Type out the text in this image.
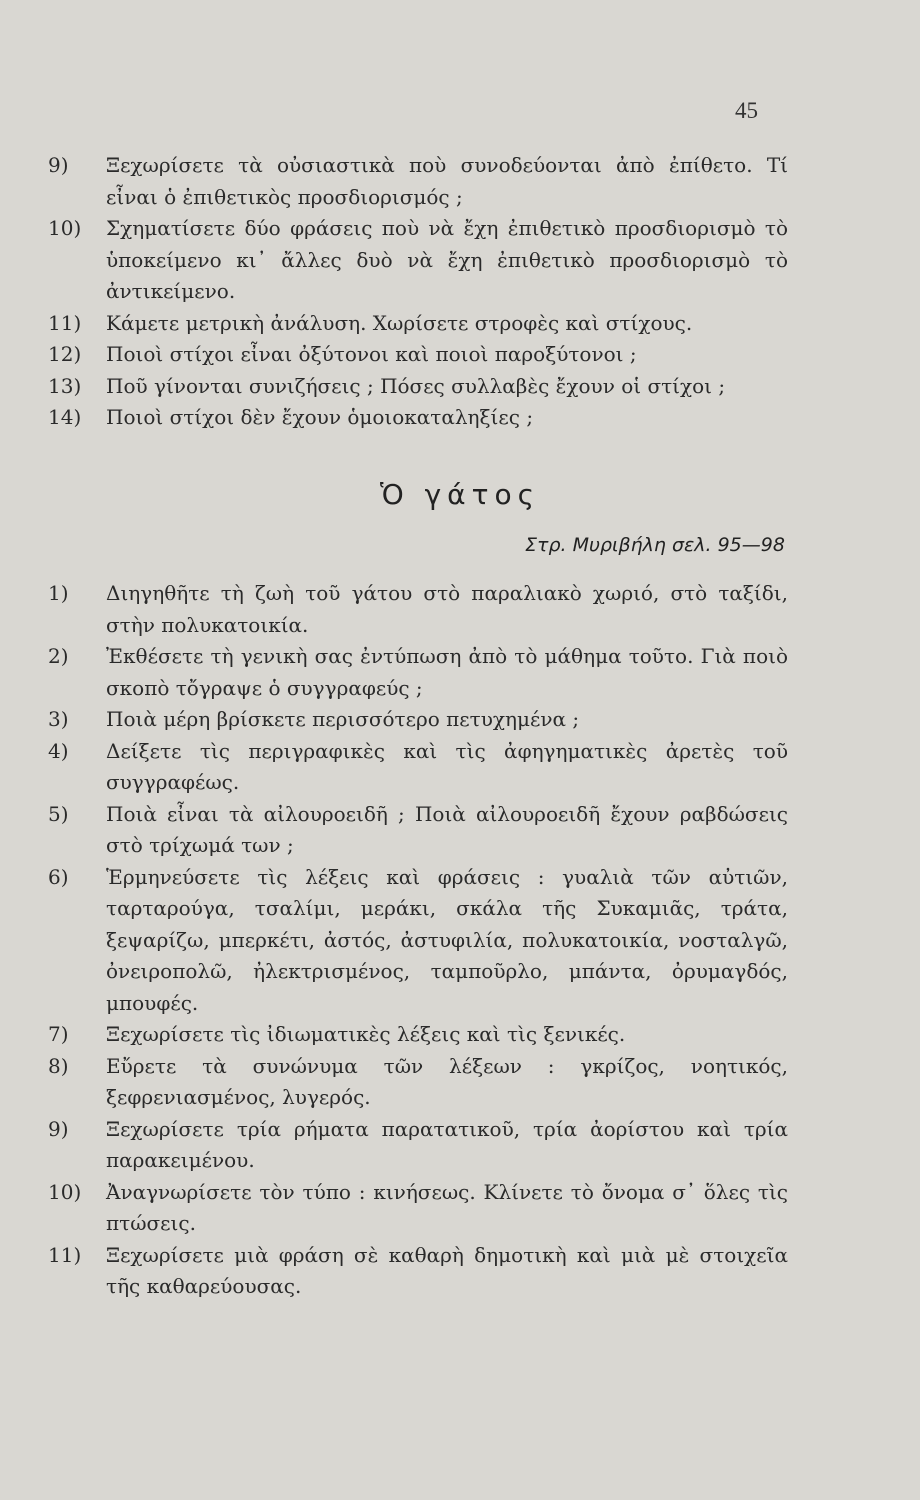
45
9)	Ξεχωρίσετε τὰ οὐσιαστικὰ ποὺ συνοδεύονται ἀπὸ ἐπίθετο. Τί εἶναι ὁ ἐπιθετικὸς προσδιορισμός ;
10)	Σχηματίσετε δύο φράσεις ποὺ νὰ ἔχη ἐπιθετικὸ προσδιορισμὸ τὸ ὑποκείμενο κι᾽ ἄλλες δυὸ νὰ ἔχη ἐπιθετικὸ προσδιορισμὸ τὸ ἀντικείμενο.
11)	Κάμετε μετρικὴ ἀνάλυση. Χωρίσετε στροφὲς καὶ στίχους.
12)	Ποιοὶ στίχοι εἶναι ὀξύτονοι καὶ ποιοὶ παροξύτονοι ;
13)	Ποῦ γίνονται συνιζήσεις ; Πόσες συλλαβὲς ἔχουν οἱ στίχοι ;
14)	Ποιοὶ στίχοι δὲν ἔχουν ὁμοιοκαταληξίες ;
Ὁ γάτος
Στρ. Μυριβήλη σελ. 95—98
1)	Διηγηθῆτε τὴ ζωὴ τοῦ γάτου στὸ παραλιακὸ χωριό, στὸ ταξίδι, στὴν πολυκατοικία.
2)	Ἐκθέσετε τὴ γενικὴ σας ἐντύπωση ἀπὸ τὸ μάθημα τοῦτο. Γιὰ ποιὸ σκοπὸ τὄγραψε ὁ συγγραφεύς ;
3)	Ποιὰ μέρη βρίσκετε περισσότερο πετυχημένα ;
4)	Δείξετε τὶς περιγραφικὲς καὶ τὶς ἀφηγηματικὲς ἀρετὲς τοῦ συγγραφέως.
5)	Ποιὰ εἶναι τὰ αἰλουροειδῆ ; Ποιὰ αἰλουροειδῆ ἔχουν ραβδώσεις στὸ τρίχωμά των ;
6)	Ἑρμηνεύσετε τὶς λέξεις καὶ φράσεις : γυαλιὰ τῶν αὐτιῶν, ταρταρούγα, τσαλίμι, μεράκι, σκάλα τῆς Συκαμιᾶς, τράτα, ξεψαρίζω, μπερκέτι, ἀστός, ἀστυφιλία, πολυκατοικία, νοσταλγῶ, ὀνειροπολῶ, ἠλεκτρισμένος, ταμποῦρλο, μπάντα, ὀρυμαγδός, μπουφές.
7)	Ξεχωρίσετε τὶς ἰδιωματικὲς λέξεις καὶ τὶς ξενικές.
8)	Εὔρετε τὰ συνώνυμα τῶν λέξεων : γκρίζος, νοητικός, ξεφρενιασμένος, λυγερός.
9)	Ξεχωρίσετε τρία ρήματα παρατατικοῦ, τρία ἀορίστου καὶ τρία παρακειμένου.
10)	Ἀναγνωρίσετε τὸν τύπο : κινήσεως. Κλίνετε τὸ ὄνομα σ᾽ ὅλες τὶς πτώσεις.
11)	Ξεχωρίσετε μιὰ φράση σὲ καθαρὴ δημοτικὴ καὶ μιὰ μὲ στοιχεῖα τῆς καθαρεύουσας.
